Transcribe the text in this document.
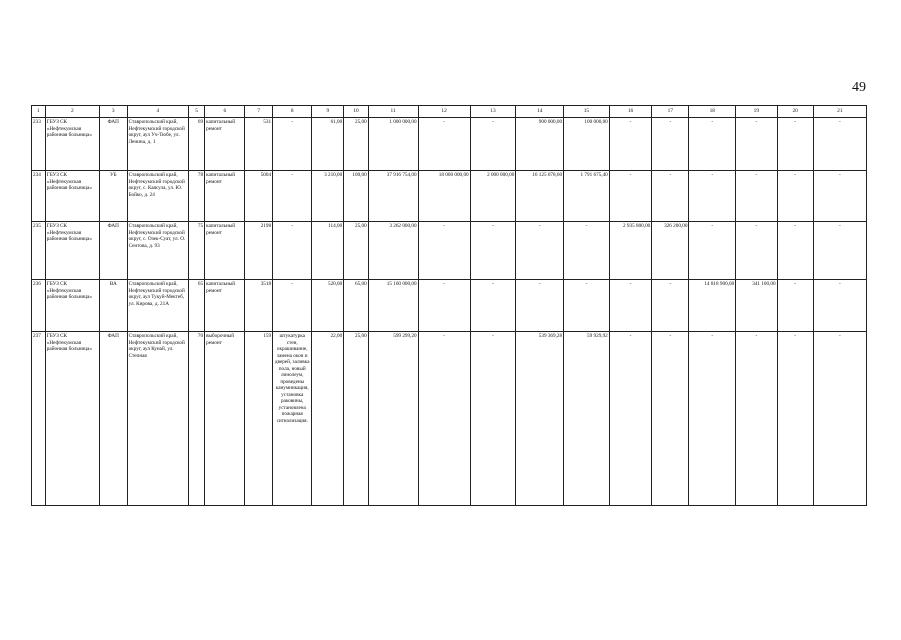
49
1	2	3	4	5	6	7	8	9	10	11	12	13	14	15	16	17	18	19	20	21
233	ГБУЗ СК «Нефтекумская районная больница»	ФАП	Ставропольский край, Нефтекумский городской округ, аул Уч-Тюбе, ул. Ленина, д. 1	69	капитальный ремонт	531	-	61,00	25,00	1 000 000,00	-	-	900 000,00	100 000,00	-	-	-	-	-	-
234	ГБУЗ СК «Нефтекумская районная больница»	УБ	Ставропольский край, Нефтекумский городской округ, с. Каясула, ул. Ю. Бойко, д. 24	78	капитальный ремонт	5004	-	3 210,00	100,00	37 916 754,00	18 000 000,00	2 000 000,00	16 125 078,60	1 791 675,40	-	-	-	-	-	-
235	ГБУЗ СК «Нефтекумская районная больница»	ФАП	Ставропольский край, Нефтекумский городской округ, с. Озек-Суат, ул. О. Сеитова, д. 93	75	капитальный ремонт	2198	-	114,00	25,00	3 262 000,00	-	-	-	-	2 935 800,00	326 200,00	-	-	-	-
236	ГБУЗ СК «Нефтекумская районная больница»	ВА	Ставропольский край, Нефтекумский городской округ, аул Тукуй-Мектеб, ул. Кирова, д. 21А	65	капитальный ремонт	3518	-	520,00	65,00	15 160 000,00	-	-	-	-	-	-	14 818 900,00	341 100,00	-	-
237	ГБУЗ СК «Нефтекумская районная больница»	ФАП	Ставропольский край, Нефтекумский городской округ, аул Кунай, ул. Степная	70	выборочный ремонт	159	штукатурка стен, окрашивание, замена окон и дверей, заливка пола, новый линолеум, проведены канумникация, установка раковины, установлена пожарная сигнализация.	22,00	25,00	599 299,20	-	-	539 369,28	59 929,92	-	-	-	-	-	-
